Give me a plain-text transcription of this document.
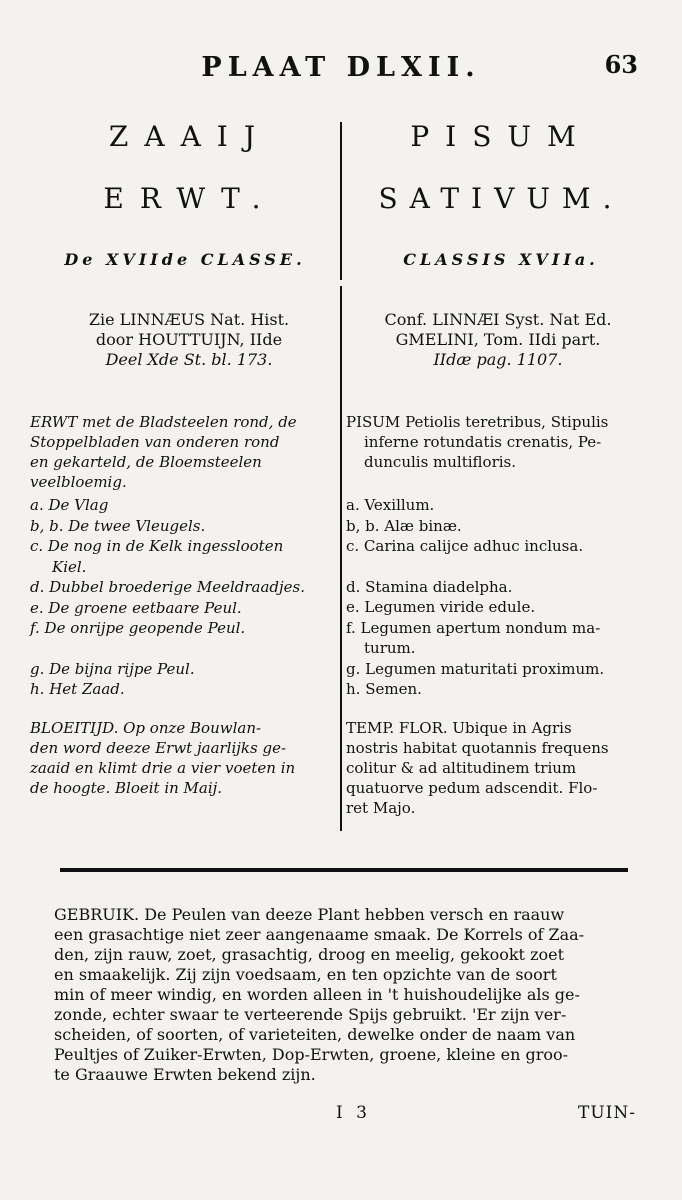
PLAAT DLXII.	63
ZAAIJ
ERWT.
De XVIIde CLASSE.
PISUM
SATIVUM.
CLASSIS XVIIa.
Zie LINNÆUS Nat. Hist.
door HOUTTUIJN, IIde
Deel Xde St. bl. 173.
Conf. LINNÆI Syst. Nat Ed.
GMELINI, Tom. IIdi part.
IIdæ pag. 1107.
ERWT met de Bladsteelen rond, de
Stoppelbladen van onderen rond
en gekarteld, de Bloemsteelen
veelbloemig.
a. De Vlag
b, b. De twee Vleugels.
c. De nog in de Kelk ingesslooten
Kiel.
d. Dubbel broederige Meeldraadjes.
e. De groene eetbaare Peul.
f. De onrijpe geopende Peul.
g. De bijna rijpe Peul.
h. Het Zaad.
PISUM Petiolis teretribus, Stipulis
inferne rotundatis crenatis, Pe-
dunculis multifloris.
a. Vexillum.
b, b. Alæ binæ.
c. Carina calijce adhuc inclusa.
d. Stamina diadelpha.
e. Legumen viride edule.
f. Legumen apertum nondum ma-
turum.
g. Legumen maturitati proximum.
h. Semen.
BLOEITIJD. Op onze Bouwlan-
den word deeze Erwt jaarlijks ge-
zaaid en klimt drie a vier voeten in
de hoogte. Bloeit in Maij.
TEMP. FLOR. Ubique in Agris
nostris habitat quotannis frequens
colitur & ad altitudinem trium
quatuorve pedum adscendit. Flo-
ret Majo.
GEBRUIK. De Peulen van deeze Plant hebben versch en raauw
een grasachtige niet zeer aangenaame smaak. De Korrels of Zaa-
den, zijn rauw, zoet, grasachtig, droog en meelig, gekookt zoet
en smaakelijk. Zij zijn voedsaam, en ten opzichte van de soort
min of meer windig, en worden alleen in 't huishoudelijke als ge-
zonde, echter swaar te verteerende Spijs gebruikt. 'Er zijn ver-
scheiden, of soorten, of varieteiten, dewelke onder de naam van
Peultjes of Zuiker-Erwten, Dop-Erwten, groene, kleine en groo-
te Graauwe Erwten bekend zijn.
I 3	TUIN-
